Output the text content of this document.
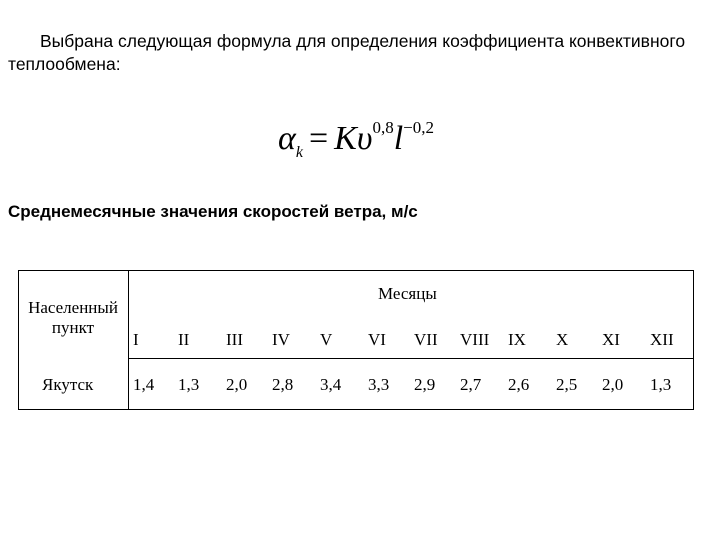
Выбрана следующая формула для определения коэффициента конвективного теплообмена:
$\alpha_k = K\upsilon^{0,8}l^{-0,2}$
Среднемесячные значения скоростей ветра, м/с
Населенный пункт
Месяцы
I II III IV V VI VII VIII IX X XI XII
Якутск 1,4 1,3 2,0 2,8 3,4 3,3 2,9 2,7 2,6 2,5 2,0 1,3
